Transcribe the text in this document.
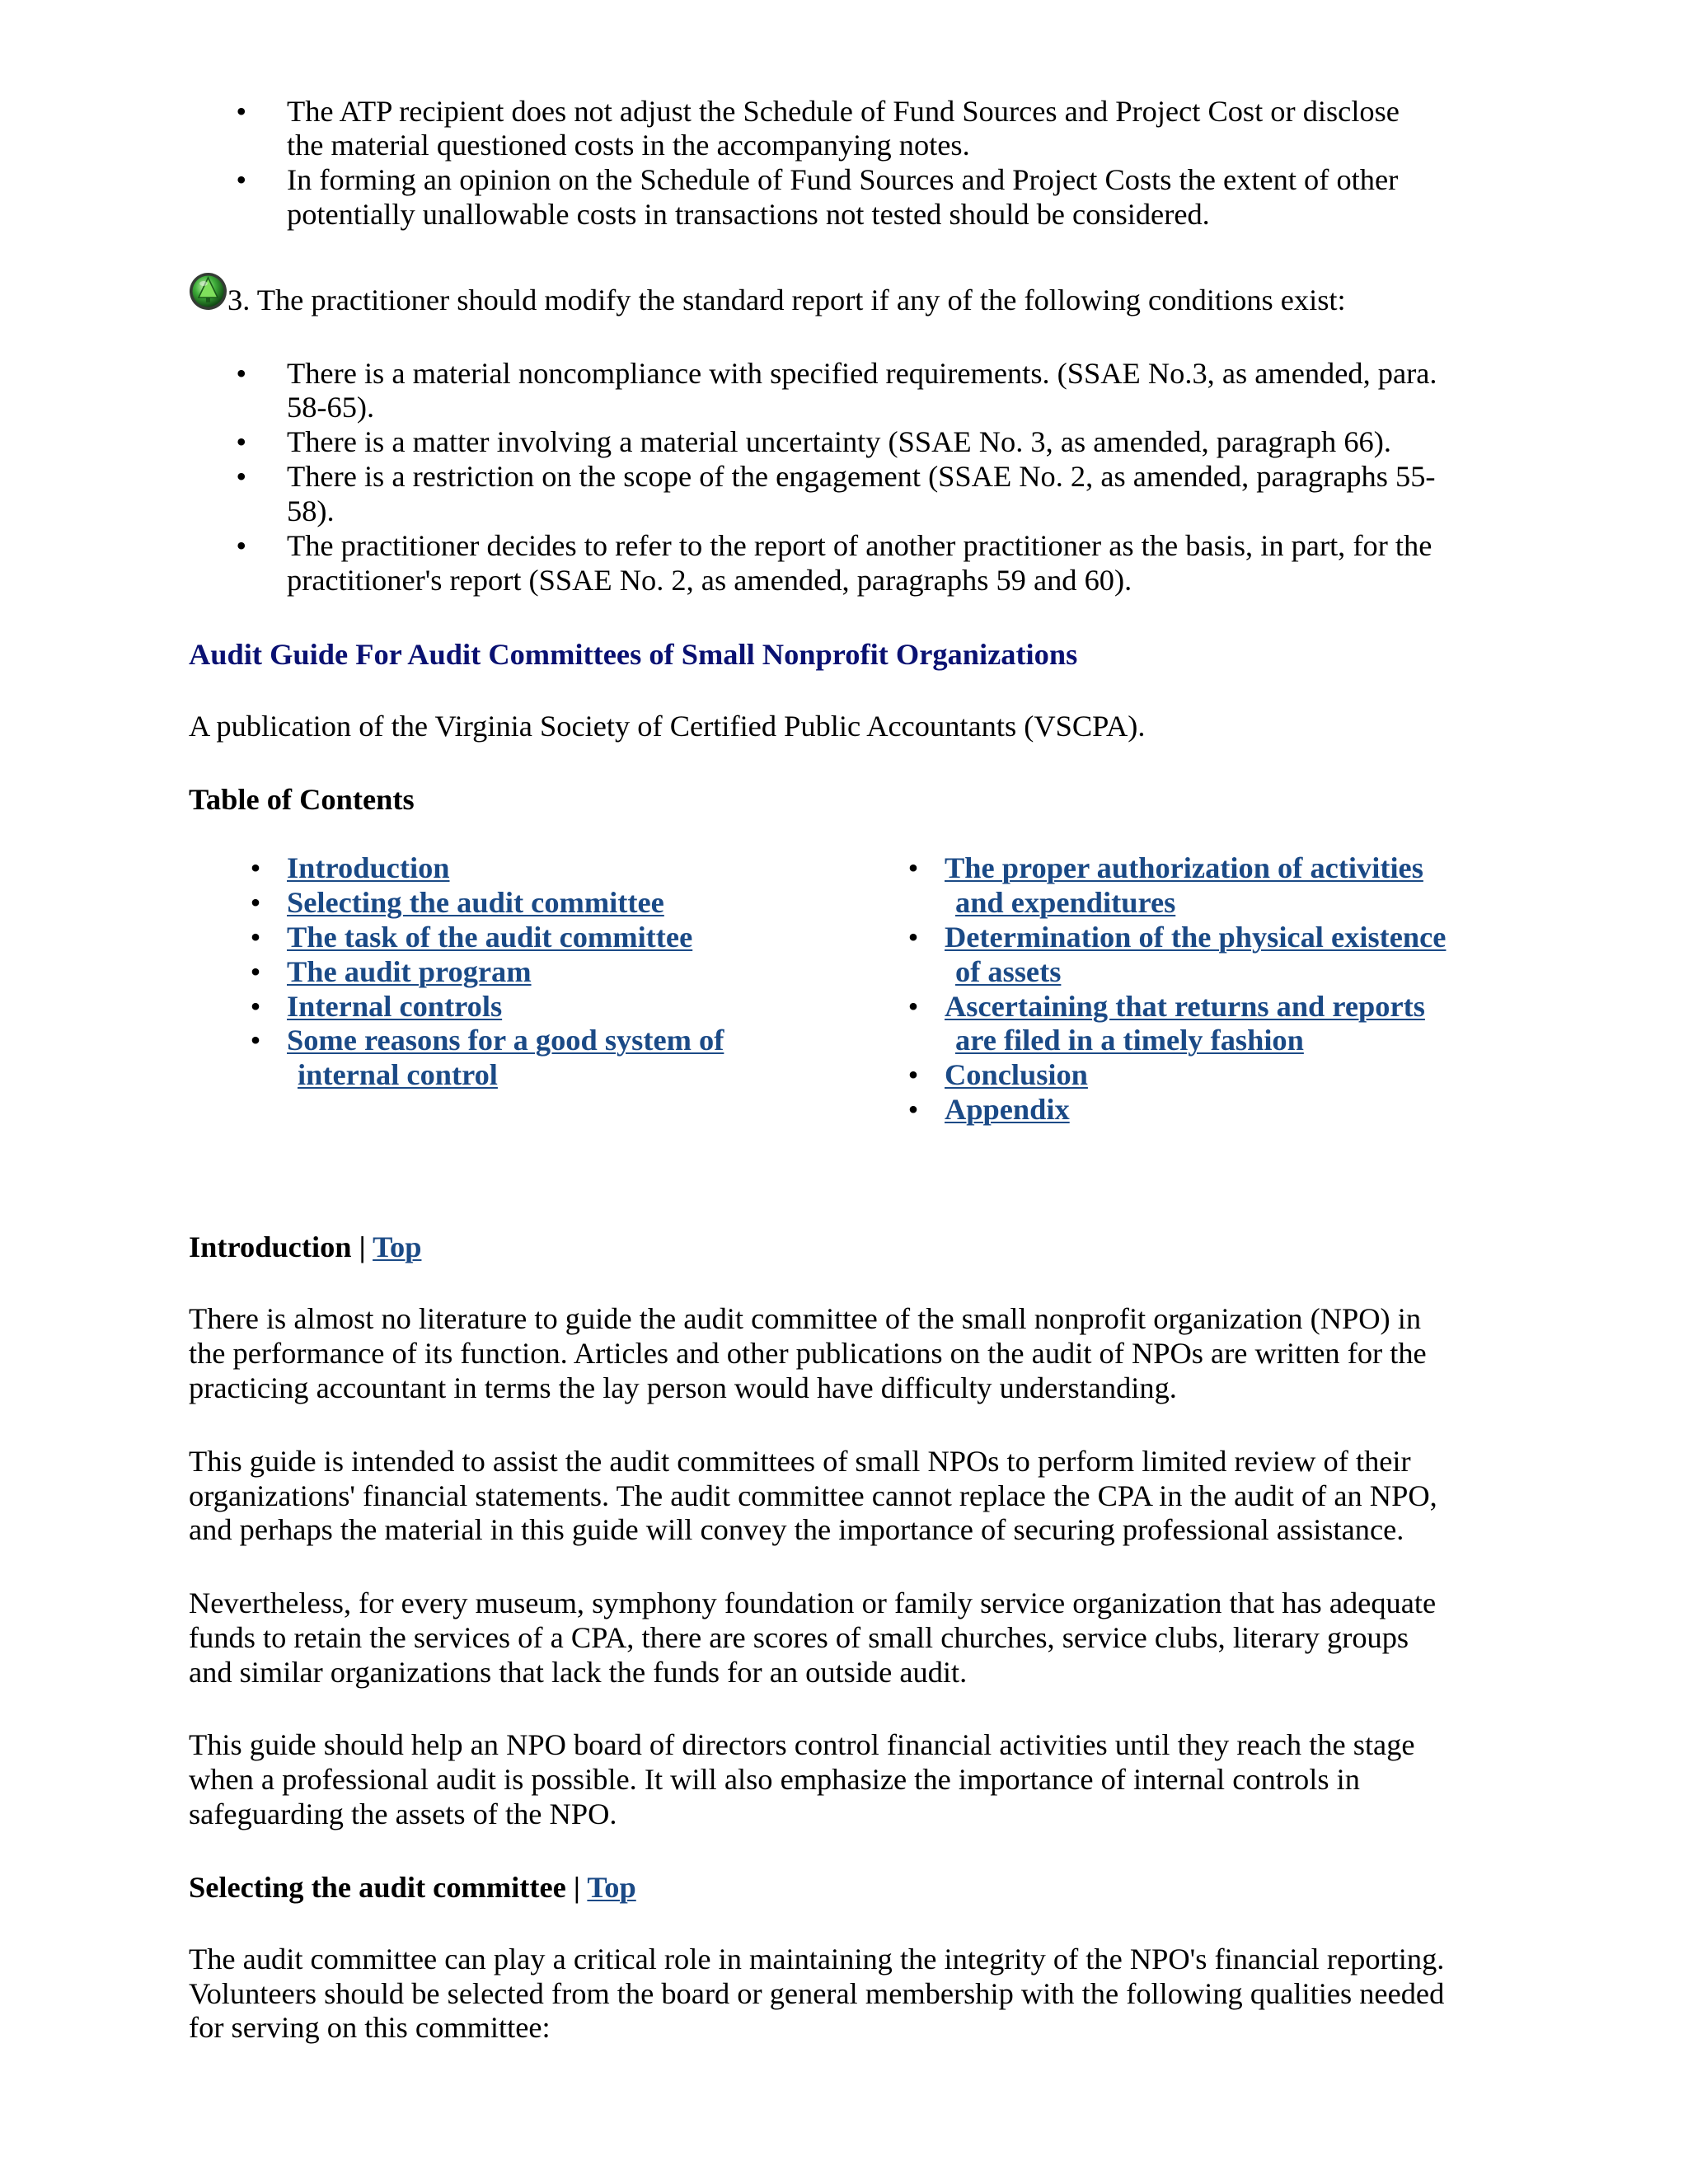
•
The ATP recipient does not adjust the Schedule of Fund Sources and Project Cost or disclose
the material questioned costs in the accompanying notes.
•
In forming an opinion on the Schedule of Fund Sources and Project Costs the extent of other
potentially unallowable costs in transactions not tested should be considered.
3. The practitioner should modify the standard report if any of the following conditions exist:
•
There is a material noncompliance with specified requirements. (SSAE No.3, as amended, para.
58-65).
•
There is a matter involving a material uncertainty (SSAE No. 3, as amended, paragraph 66).
•
There is a restriction on the scope of the engagement (SSAE No. 2, as amended, paragraphs 55-
58).
•
The practitioner decides to refer to the report of another practitioner as the basis, in part, for the
practitioner's report (SSAE No. 2, as amended, paragraphs 59 and 60).
Audit Guide For Audit Committees of Small Nonprofit Organizations
A publication of the Virginia Society of Certified Public Accountants (VSCPA).
Table of Contents
•
Introduction
•
Selecting the audit committee
•
The task of the audit committee
•
The audit program
•
Internal controls
•
Some reasons for a good system of internal control
•
The proper authorization of activities and expenditures
•
Determination of the physical existence of assets
•
Ascertaining that returns and reports are filed in a timely fashion
•
Conclusion
•
Appendix
Introduction | Top
There is almost no literature to guide the audit committee of the small nonprofit organization (NPO) in
the performance of its function. Articles and other publications on the audit of NPOs are written for the
practicing accountant in terms the lay person would have difficulty understanding.
This guide is intended to assist the audit committees of small NPOs to perform limited review of their
organizations' financial statements. The audit committee cannot replace the CPA in the audit of an NPO,
and perhaps the material in this guide will convey the importance of securing professional assistance.
Nevertheless, for every museum, symphony foundation or family service organization that has adequate
funds to retain the services of a CPA, there are scores of small churches, service clubs, literary groups
and similar organizations that lack the funds for an outside audit.
This guide should help an NPO board of directors control financial activities until they reach the stage
when a professional audit is possible. It will also emphasize the importance of internal controls in
safeguarding the assets of the NPO.
Selecting the audit committee | Top
The audit committee can play a critical role in maintaining the integrity of the NPO's financial reporting.
Volunteers should be selected from the board or general membership with the following qualities needed
for serving on this committee:
